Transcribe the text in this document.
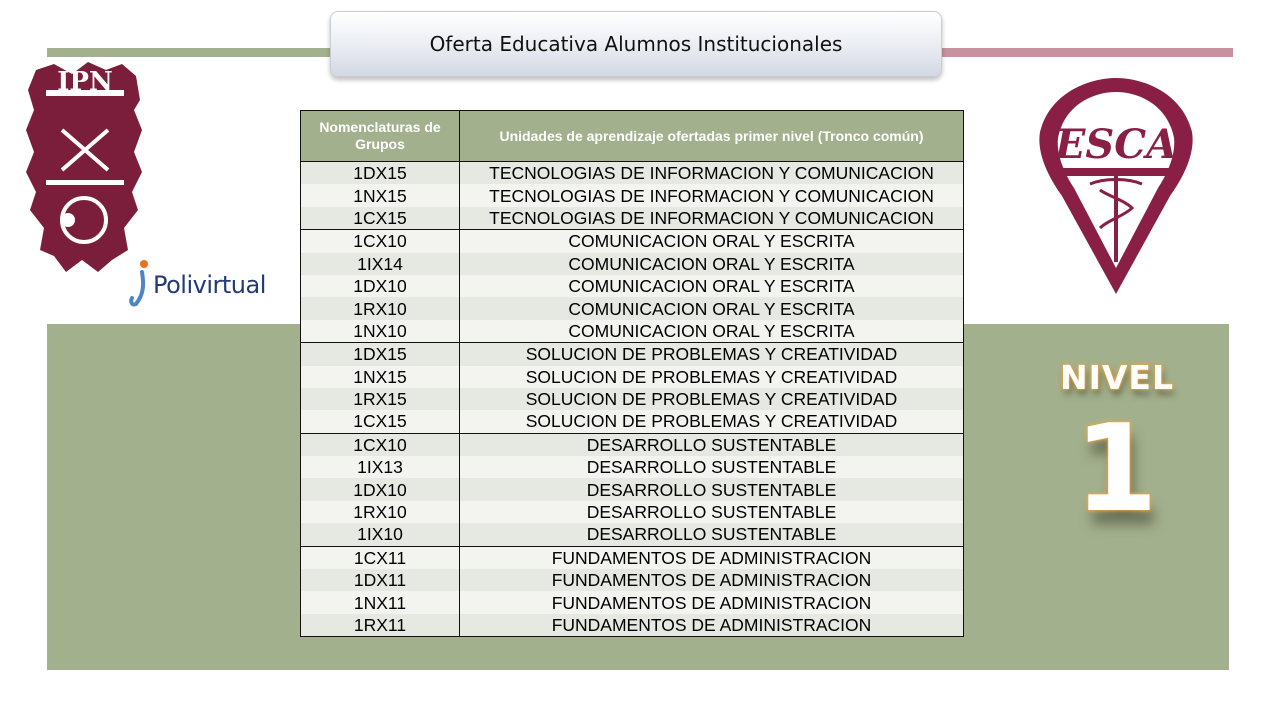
Oferta Educativa Alumnos Institucionales
IPN
Polivirtual
ESCA
Nomenclaturas de Grupos	Unidades de aprendizaje ofertadas primer nivel (Tronco común)
1DX15	TECNOLOGIAS DE INFORMACION Y COMUNICACION
1NX15	TECNOLOGIAS DE INFORMACION Y COMUNICACION
1CX15	TECNOLOGIAS DE INFORMACION Y COMUNICACION
1CX10	COMUNICACION ORAL Y ESCRITA
1IX14	COMUNICACION ORAL Y ESCRITA
1DX10	COMUNICACION ORAL Y ESCRITA
1RX10	COMUNICACION ORAL Y ESCRITA
1NX10	COMUNICACION ORAL Y ESCRITA
1DX15	SOLUCION DE PROBLEMAS Y CREATIVIDAD
1NX15	SOLUCION DE PROBLEMAS Y CREATIVIDAD
1RX15	SOLUCION DE PROBLEMAS Y CREATIVIDAD
1CX15	SOLUCION DE PROBLEMAS Y CREATIVIDAD
1CX10	DESARROLLO SUSTENTABLE
1IX13	DESARROLLO SUSTENTABLE
1DX10	DESARROLLO SUSTENTABLE
1RX10	DESARROLLO SUSTENTABLE
1IX10	DESARROLLO SUSTENTABLE
1CX11	FUNDAMENTOS DE ADMINISTRACION
1DX11	FUNDAMENTOS DE ADMINISTRACION
1NX11	FUNDAMENTOS DE ADMINISTRACION
1RX11	FUNDAMENTOS DE ADMINISTRACION
NIVEL
1
